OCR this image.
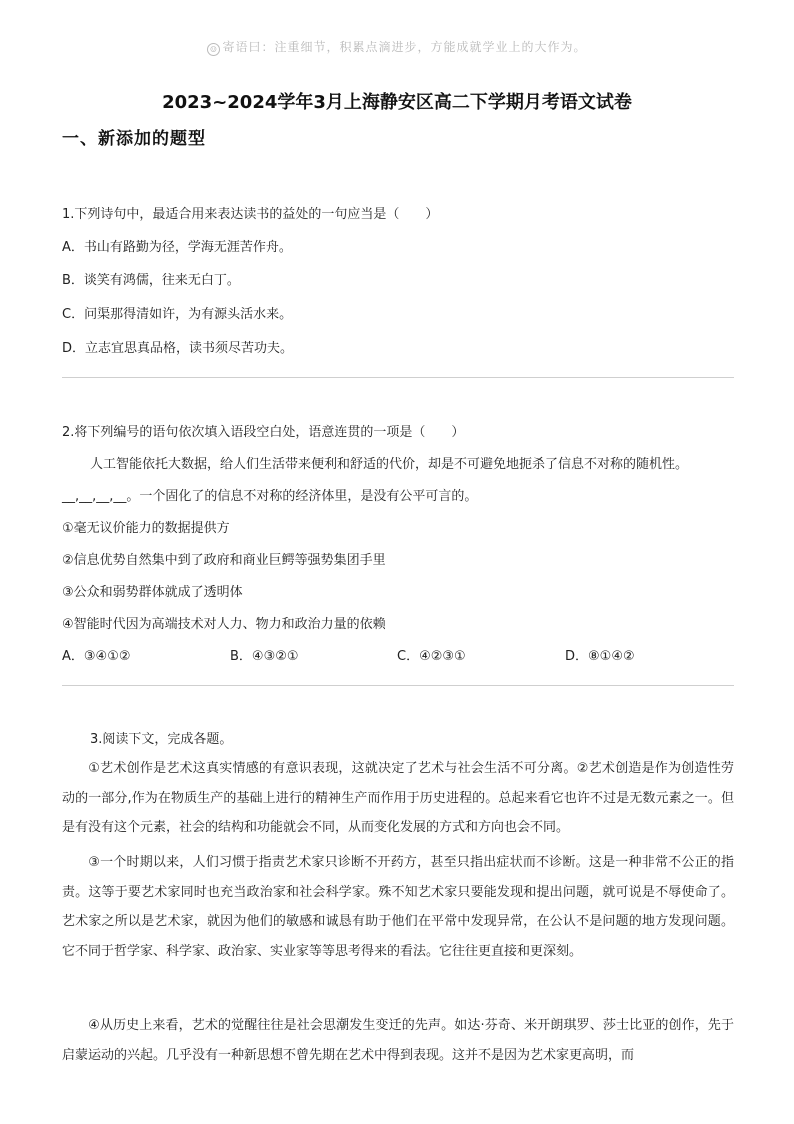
☺ 寄语曰：注重细节，积累点滴进步，方能成就学业上的大作为。
2023~2024学年3月上海静安区高二下学期月考语文试卷
一、新添加的题型
1.下列诗句中，最适合用来表达读书的益处的一句应当是（　　）
A．书山有路勤为径，学海无涯苦作舟。
B．谈笑有鸿儒，往来无白丁。
C．问渠那得清如许，为有源头活水来。
D．立志宜思真品格，读书须尽苦功夫。
2.将下列编号的语句依次填入语段空白处，语意连贯的一项是（　　）
人工智能依托大数据，给人们生活带来便利和舒适的代价，却是不可避免地扼杀了信息不对称的随机性。
__,__,__,__。一个固化了的信息不对称的经济体里，是没有公平可言的。
①毫无议价能力的数据提供方
②信息优势自然集中到了政府和商业巨鳄等强势集团手里
③公众和弱势群体就成了透明体
④智能时代因为高端技术对人力、物力和政治力量的依赖
A．③④①②	B．④③②①	C．④②③①	D．⑧①④②
3.阅读下文，完成各题。
①艺术创作是艺术这真实情感的有意识表现，这就决定了艺术与社会生活不可分离。②艺术创造是作为创造性劳动的一部分,作为在物质生产的基础上进行的精神生产而作用于历史进程的。总起来看它也许不过是无数元素之一。但是有没有这个元素，社会的结构和功能就会不同，从而变化发展的方式和方向也会不同。
③一个时期以来，人们习惯于指责艺术家只诊断不开药方，甚至只指出症状而不诊断。这是一种非常不公正的指责。这等于要艺术家同时也充当政治家和社会科学家。殊不知艺术家只要能发现和提出问题，就可说是不辱使命了。艺术家之所以是艺术家，就因为他们的敏感和诚恳有助于他们在平常中发现异常，在公认不是问题的地方发现问题。它不同于哲学家、科学家、政治家、实业家等等思考得来的看法。它往往更直接和更深刻。
④从历史上来看，艺术的觉醒往往是社会思潮发生变迁的先声。如达·芬奇、米开朗琪罗、莎士比亚的创作，先于启蒙运动的兴起。几乎没有一种新思想不曾先期在艺术中得到表现。这并不是因为艺术家更高明，而
